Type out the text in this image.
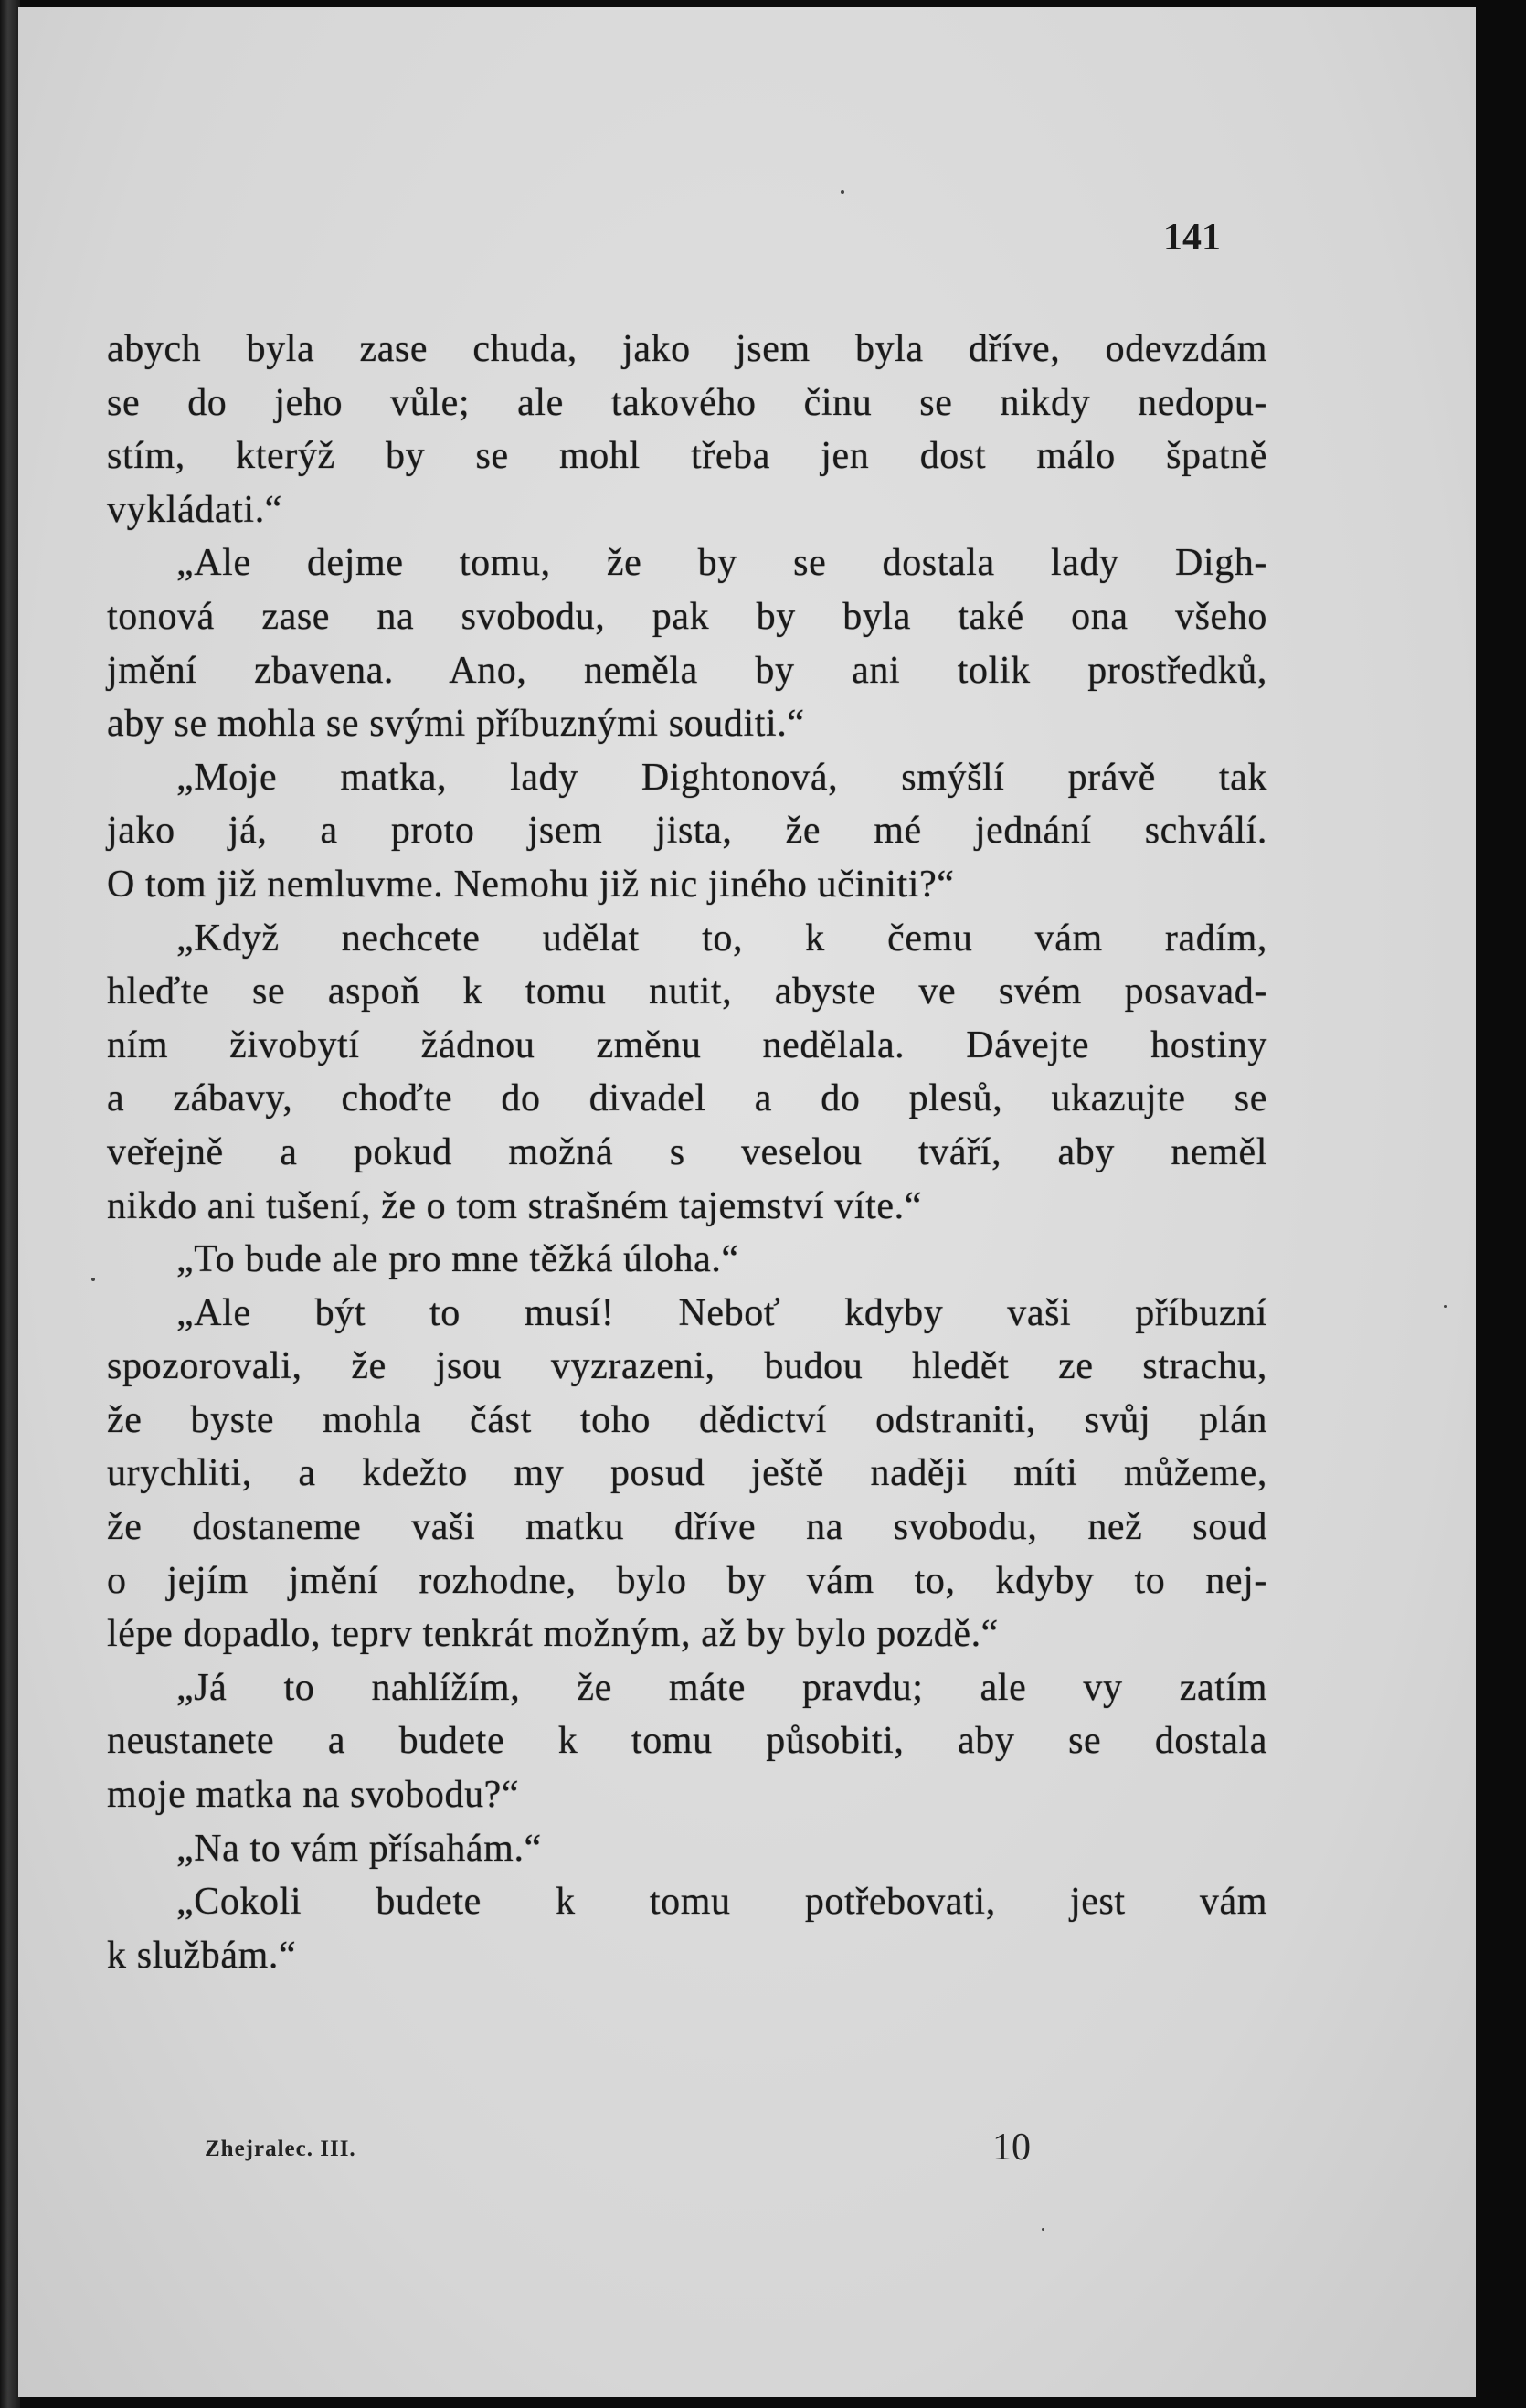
141
abych byla zase chuda, jako jsem byla dříve, odevzdám
se do jeho vůle; ale takového činu se nikdy nedopu-
stím, kterýž by se mohl třeba jen dost málo špatně
vykládati.“
„Ale dejme tomu, že by se dostala lady Digh-
tonová zase na svobodu, pak by byla také ona všeho
jmění zbavena. Ano, neměla by ani tolik prostředků,
aby se mohla se svými příbuznými souditi.“
„Moje matka, lady Dightonová, smýšlí právě tak
jako já, a proto jsem jista, že mé jednání schválí.
O tom již nemluvme. Nemohu již nic jiného učiniti?“
„Když nechcete udělat to, k čemu vám radím,
hleďte se aspoň k tomu nutit, abyste ve svém posavad-
ním živobytí žádnou změnu nedělala. Dávejte hostiny
a zábavy, choďte do divadel a do plesů, ukazujte se
veřejně a pokud možná s veselou tváří, aby neměl
nikdo ani tušení, že o tom strašném tajemství víte.“
„To bude ale pro mne těžká úloha.“
„Ale být to musí! Neboť kdyby vaši příbuzní
spozorovali, že jsou vyzrazeni, budou hledět ze strachu,
že byste mohla část toho dědictví odstraniti, svůj plán
urychliti, a kdežto my posud ještě naději míti můžeme,
že dostaneme vaši matku dříve na svobodu, než soud
o jejím jmění rozhodne, bylo by vám to, kdyby to nej-
lépe dopadlo, teprv tenkrát možným, až by bylo pozdě.“
„Já to nahlížím, že máte pravdu; ale vy zatím
neustanete a budete k tomu působiti, aby se dostala
moje matka na svobodu?“
„Na to vám přísahám.“
„Cokoli budete k tomu potřebovati, jest vám
k službám.“
Zhejralec. III.	10
